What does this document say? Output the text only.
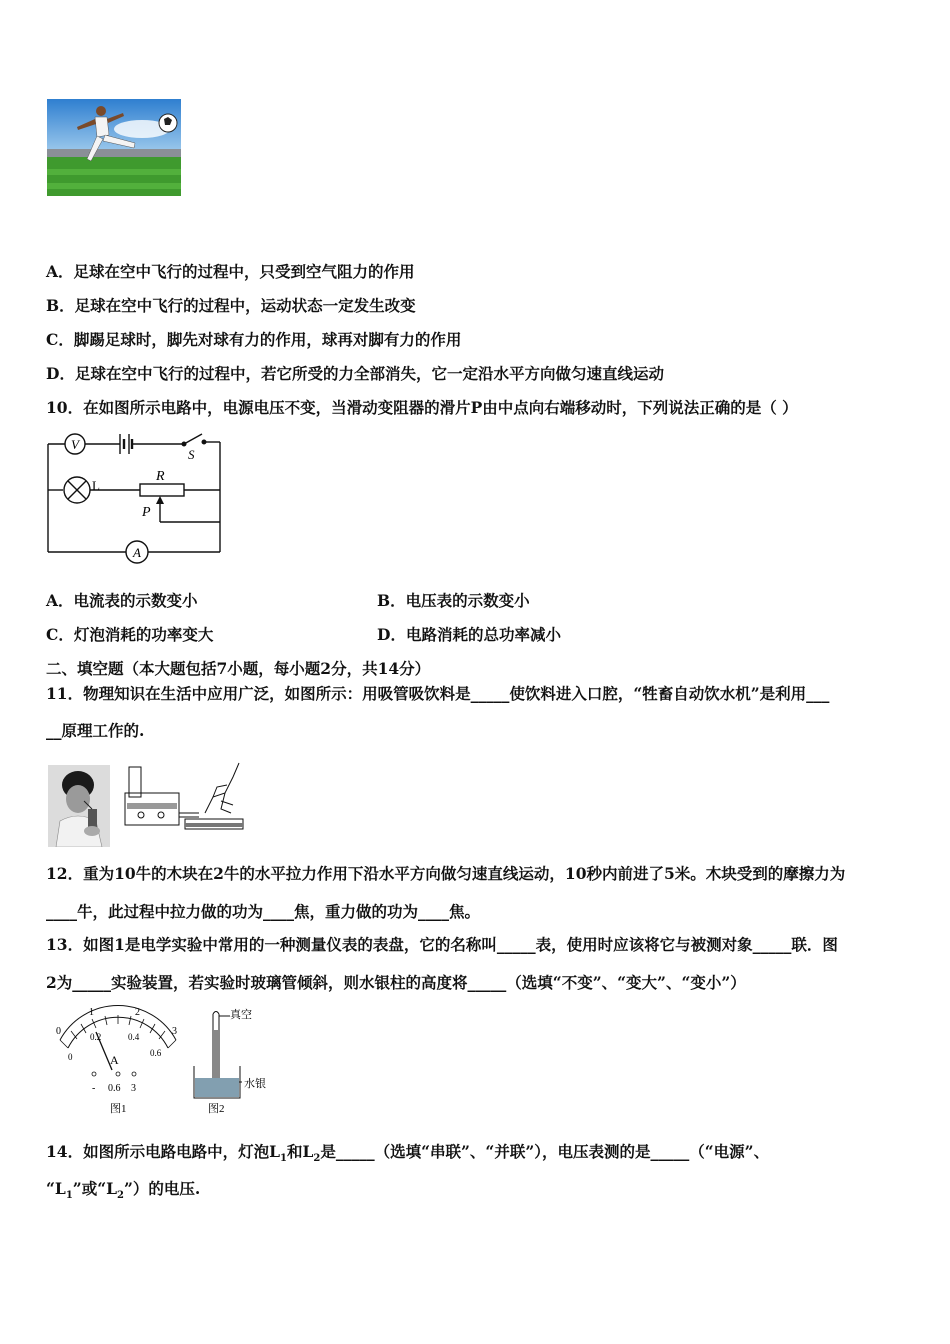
A．足球在空中飞行的过程中，只受到空气阻力的作用
B．足球在空中飞行的过程中，运动状态一定发生改变
C．脚踢足球时，脚先对球有力的作用，球再对脚有力的作用
D．足球在空中飞行的过程中，若它所受的力全部消失，它一定沿水平方向做匀速直线运动
10．在如图所示电路中，电源电压不变，当滑动变阻器的滑片P由中点向右端移动时，下列说法正确的是（ ）
V
S
L
R
P
A
A．电流表的示数变小	B．电压表的示数变小
C．灯泡消耗的功率变大	D．电路消耗的总功率减小
二、填空题（本大题包括7小题，每小题2分，共14分）
11．物理知识在生活中应用广泛，如图所示：用吸管吸饮料是_____使饮料进入口腔，“牲畜自动饮水机”是利用___
__原理工作的.
12．重为10牛的木块在2牛的水平拉力作用下沿水平方向做匀速直线运动，10秒内前进了5米。木块受到的摩擦力为
____牛，此过程中拉力做的功为____焦，重力做的功为____焦。
13．如图1是电学实验中常用的一种测量仪表的表盘，它的名称叫_____表，使用时应该将它与被测对象_____联．图
2为_____实验装置，若实验时玻璃管倾斜，则水银柱的高度将_____（选填“不变”、“变大”、“变小”）
0
1	2
3
0
0.2	0.4
0.6
A
- 0.6 3
图1
真空
水银
图2
14．如图所示电路电路中，灯泡$L_1$和$L_2$是_____（选填“串联”、“并联”），电压表测的是_____（“电源”、
“$L_1$”或“$L_2$”）的电压.
